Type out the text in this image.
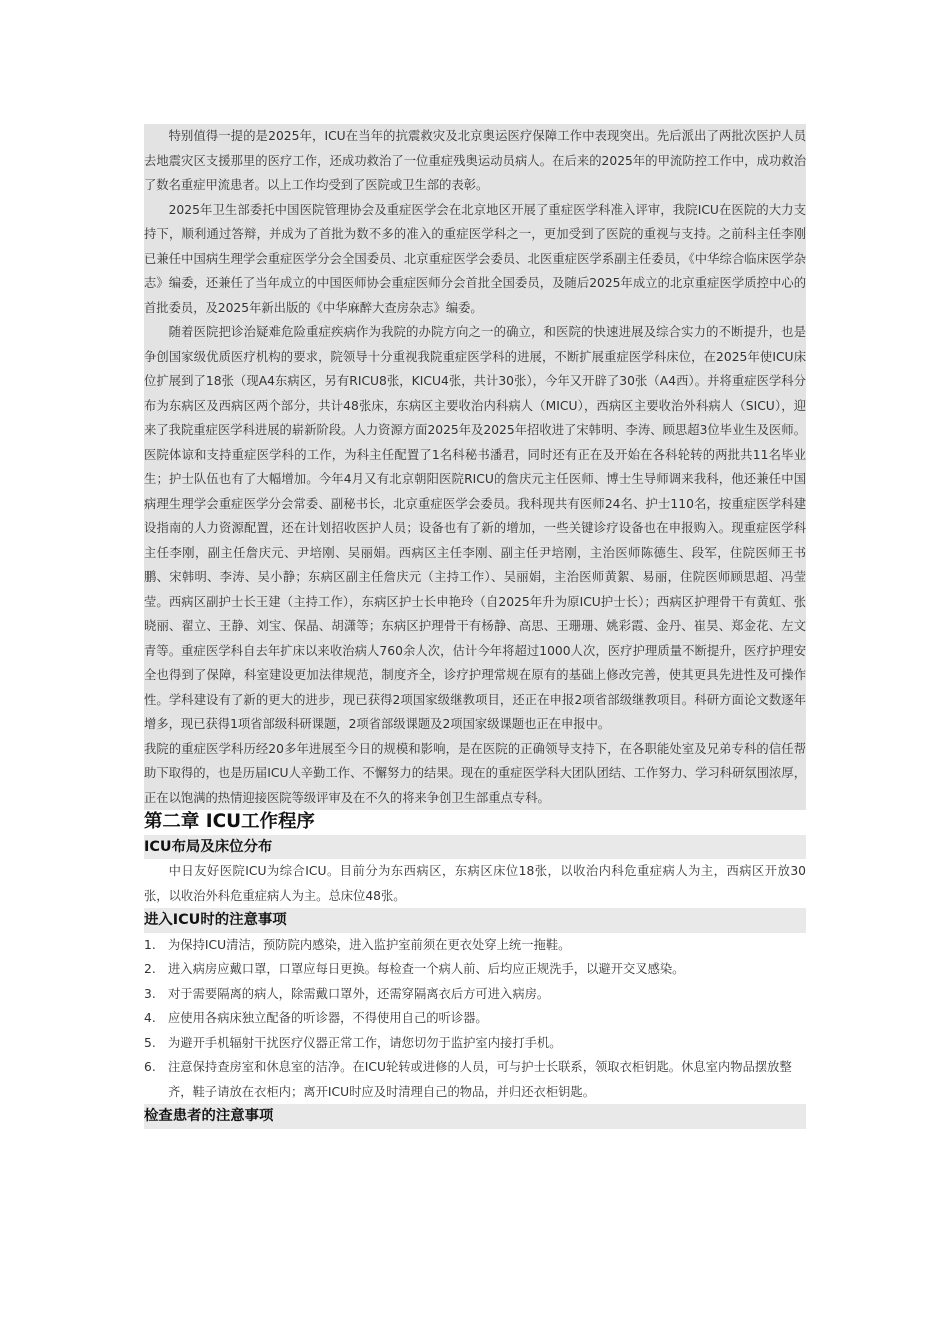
特别值得一提的是2025年，ICU在当年的抗震救灾及北京奥运医疗保障工作中表现突出。先后派出了两批次医护人员去地震灾区支援那里的医疗工作，还成功救治了一位重症残奥运动员病人。在后来的2025年的甲流防控工作中，成功救治了数名重症甲流患者。以上工作均受到了医院或卫生部的表彰。

2025年卫生部委托中国医院管理协会及重症医学会在北京地区开展了重症医学科准入评审，我院ICU在医院的大力支持下，顺利通过答辩，并成为了首批为数不多的准入的重症医学科之一，更加受到了医院的重视与支持。之前科主任李刚已兼任中国病生理学会重症医学分会全国委员、北京重症医学会委员、北医重症医学系副主任委员，《中华综合临床医学杂志》编委，还兼任了当年成立的中国医师协会重症医师分会首批全国委员，及随后2025年成立的北京重症医学质控中心的首批委员，及2025年新出版的《中华麻醉大查房杂志》编委。

随着医院把诊治疑难危险重症疾病作为我院的办院方向之一的确立，和医院的快速进展及综合实力的不断提升，也是争创国家级优质医疗机构的要求，院领导十分重视我院重症医学科的进展，不断扩展重症医学科床位，在2025年使ICU床位扩展到了18张（现A4东病区，另有RICU8张，KICU4张，共计30张），今年又开辟了30张（A4西）。并将重症医学科分布为东病区及西病区两个部分，共计48张床，东病区主要收治内科病人（MICU），西病区主要收治外科病人（SICU），迎来了我院重症医学科进展的崭新阶段。人力资源方面2025年及2025年招收进了宋韩明、李涛、顾思超3位毕业生及医师。医院体谅和支持重症医学科的工作，为科主任配置了1名科秘书潘君，同时还有正在及开始在各科轮转的两批共11名毕业生；护士队伍也有了大幅增加。今年4月又有北京朝阳医院RICU的詹庆元主任医师、博士生导师调来我科，他还兼任中国病理生理学会重症医学分会常委、副秘书长，北京重症医学会委员。我科现共有医师24名、护士110名，按重症医学科建设指南的人力资源配置，还在计划招收医护人员；设备也有了新的增加，一些关键诊疗设备也在申报购入。现重症医学科主任李刚，副主任詹庆元、尹培刚、吴丽娟。西病区主任李刚、副主任尹培刚，主治医师陈德生、段军，住院医师王书鹏、宋韩明、李涛、吴小静；东病区副主任詹庆元（主持工作）、吴丽娟，主治医师黄絮、易丽，住院医师顾思超、冯莹莹。西病区副护士长王建（主持工作），东病区护士长申艳玲（自2025年升为原ICU护士长）；西病区护理骨干有黄虹、张晓丽、翟立、王静、刘宝、保晶、胡潇等；东病区护理骨干有杨静、高思、王珊珊、姚彩霞、金丹、崔昊、郑金花、左文青等。重症医学科自去年扩床以来收治病人760余人次，估计今年将超过1000人次，医疗护理质量不断提升，医疗护理安全也得到了保障，科室建设更加法律规范，制度齐全，诊疗护理常规在原有的基础上修改完善，使其更具先进性及可操作性。学科建设有了新的更大的进步，现已获得2项国家级继教项目，还正在申报2项省部级继教项目。科研方面论文数逐年增多，现已获得1项省部级科研课题，2项省部级课题及2项国家级课题也正在申报中。

我院的重症医学科历经20多年进展至今日的规模和影响，是在医院的正确领导支持下，在各职能处室及兄弟专科的信任帮助下取得的，也是历届ICU人辛勤工作、不懈努力的结果。现在的重症医学科大团队团结、工作努力、学习科研氛围浓厚，正在以饱满的热情迎接医院等级评审及在不久的将来争创卫生部重点专科。

第二章 ICU工作程序
ICU布局及床位分布

中日友好医院ICU为综合ICU。目前分为东西病区，东病区床位18张，以收治内科危重症病人为主，西病区开放30张，以收治外科危重症病人为主。总床位48张。

进入ICU时的注意事项
1. 为保持ICU清洁，预防院内感染，进入监护室前须在更衣处穿上统一拖鞋。
2. 进入病房应戴口罩，口罩应每日更换。每检查一个病人前、后均应正规洗手，以避开交叉感染。
3. 对于需要隔离的病人，除需戴口罩外，还需穿隔离衣后方可进入病房。
4. 应使用各病床独立配备的听诊器，不得使用自己的听诊器。
5. 为避开手机辐射干扰医疗仪器正常工作，请您切勿于监护室内接打手机。
6. 注意保持查房室和休息室的洁净。在ICU轮转或进修的人员，可与护士长联系，领取衣柜钥匙。休息室内物品摆放整齐，鞋子请放在衣柜内；离开ICU时应及时清理自己的物品，并归还衣柜钥匙。
检查患者的注意事项
